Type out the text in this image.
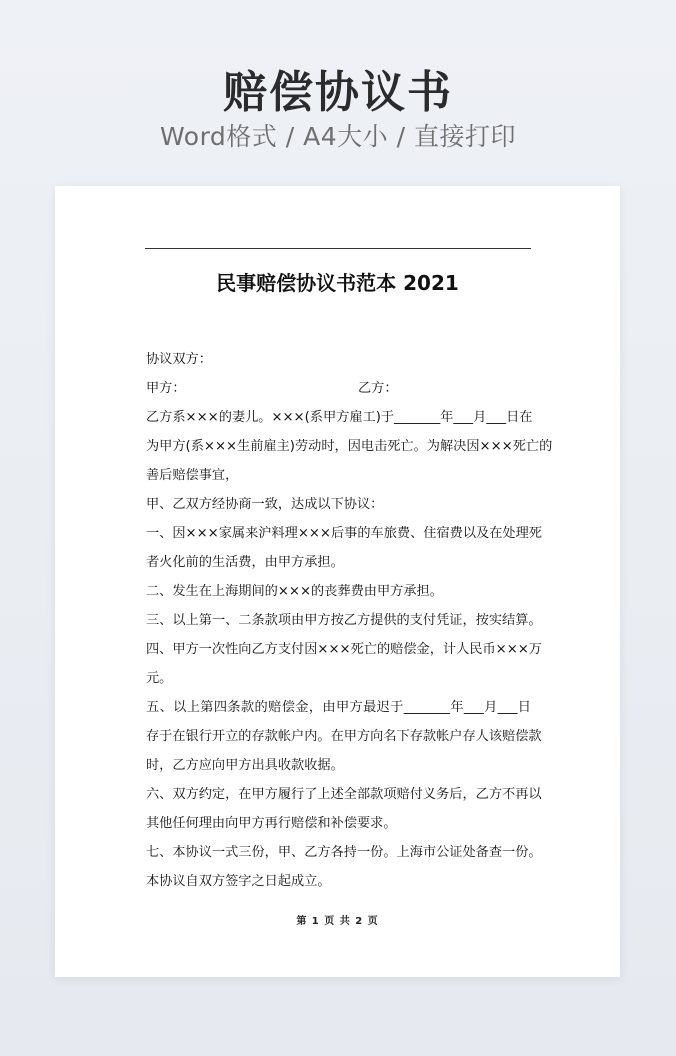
赔偿协议书
Word格式 / A4大小 / 直接打印
民事赔偿协议书范本 2021
协议双方：
甲方：	乙方：
乙方系×××的妻儿。×××(系甲方雇工)于_______年___月___日在
为甲方(系×××生前雇主)劳动时，因电击死亡。为解决因×××死亡的
善后赔偿事宜，
甲、乙双方经协商一致，达成以下协议：
一、因×××家属来沪料理×××后事的车旅费、住宿费以及在处理死
者火化前的生活费，由甲方承担。
二、发生在上海期间的×××的丧葬费由甲方承担。
三、以上第一、二条款项由甲方按乙方提供的支付凭证，按实结算。
四、甲方一次性向乙方支付因×××死亡的赔偿金，计人民币×××万
元。
五、以上第四条款的赔偿金，由甲方最迟于_______年___月___日
存于在银行开立的存款帐户内。在甲方向名下存款帐户存人该赔偿款
时，乙方应向甲方出具收款收据。
六、双方约定，在甲方履行了上述全部款项赔付义务后，乙方不再以
其他任何理由向甲方再行赔偿和补偿要求。
七、本协议一式三份，甲、乙方各持一份。上海市公证处备查一份。
本协议自双方签字之日起成立。
第 1 页 共 2 页
